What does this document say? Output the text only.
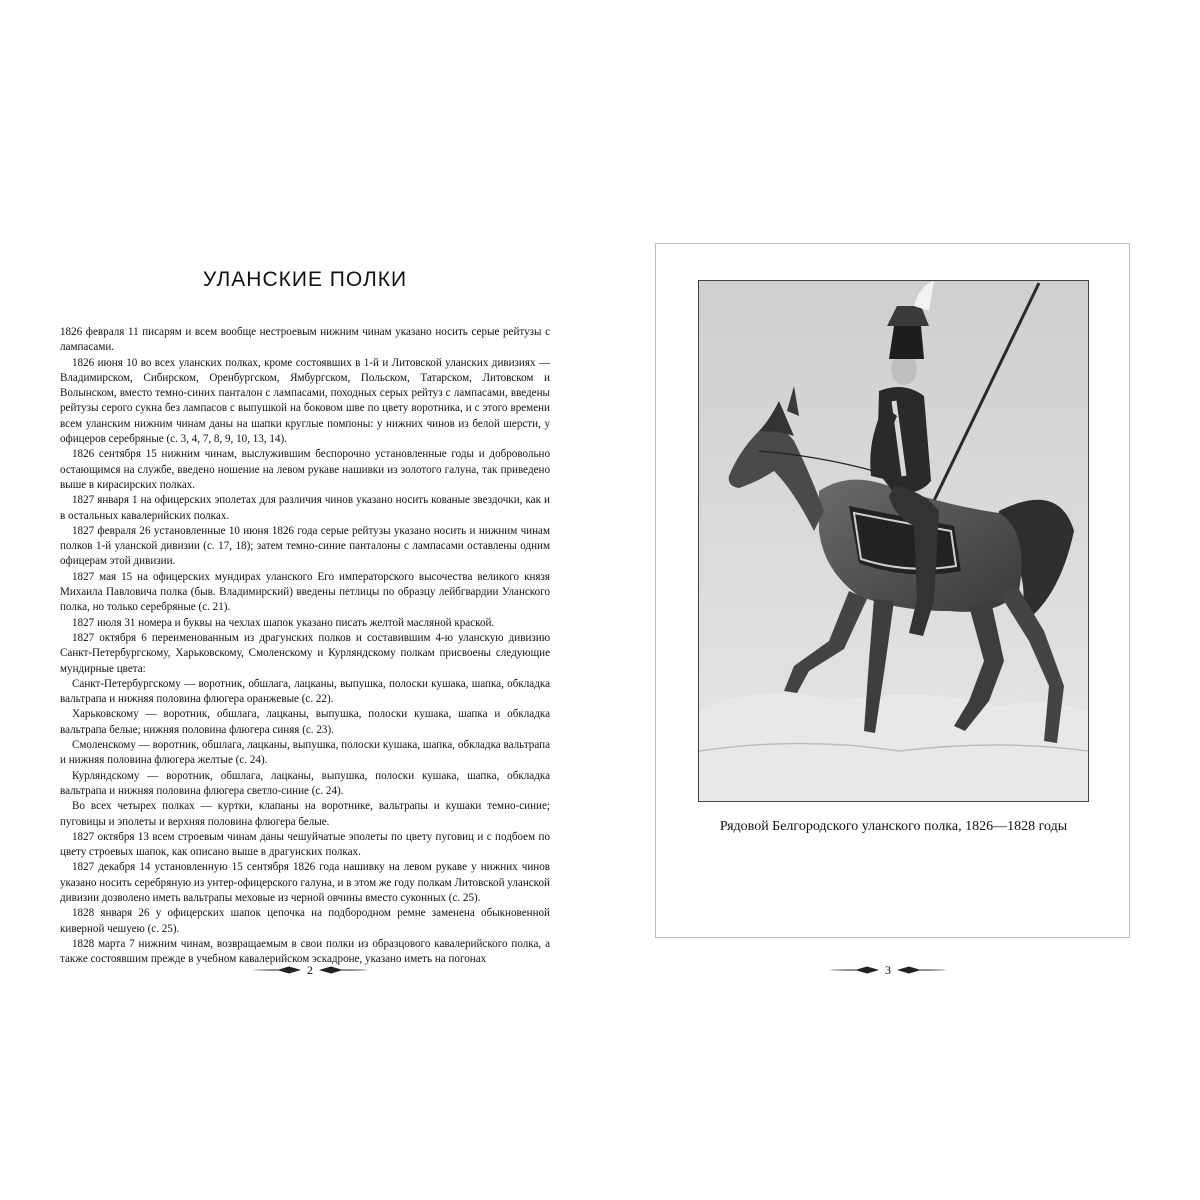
УЛАНСКИЕ ПОЛКИ

1826 февраля 11 писарям и всем вообще нестроевым нижним чинам указано носить серые рейтузы с лампасами.

1826 июня 10 во всех уланских полках, кроме состоявших в 1-й и Литовской уланских дивизиях — Владимирском, Сибирском, Оренбургском, Ямбургском, Польском, Татарском, Литовском и Волынском, вместо темно-синих панталон с лампасами, походных серых рейтуз с лампасами, введены рейтузы серого сукна без лампасов с выпушкой на боковом шве по цвету воротника, и с этого времени всем уланским нижним чинам даны на шапки круглые помпоны: у нижних чинов из белой шерсти, у офицеров серебряные (с. 3, 4, 7, 8, 9, 10, 13, 14).

1826 сентября 15 нижним чинам, выслужившим беспорочно установленные годы и добровольно остающимся на службе, введено ношение на левом рукаве нашивки из золотого галуна, так приведено выше в кирасирских полках.

1827 января 1 на офицерских эполетах для различия чинов указано носить кованые звездочки, как и в остальных кавалерийских полках.

1827 февраля 26 установленные 10 июня 1826 года серые рейтузы указано носить и нижним чинам полков 1-й уланской дивизии (с. 17, 18); затем темно-синие панталоны с лампасами оставлены одним офицерам этой дивизии.

1827 мая 15 на офицерских мундирах уланского Его императорского высочества великого князя Михаила Павловича полка (быв. Владимирский) введены петлицы по образцу лейбгвардии Уланского полка, но только серебряные (с. 21).

1827 июля 31 номера и буквы на чехлах шапок указано писать желтой масляной краской.

1827 октября 6 переименованным из драгунских полков и составившим 4-ю уланскую дивизию Санкт-Петербургскому, Харьковскому, Смоленскому и Курляндскому полкам присвоены следующие мундирные цвета:

Санкт-Петербургскому — воротник, обшлага, лацканы, выпушка, полоски кушака, шапка, обкладка вальтрапа и нижняя половина флюгера оранжевые (с. 22).

Харьковскому — воротник, обшлага, лацканы, выпушка, полоски кушака, шапка и обкладка вальтрапа белые; нижняя половина флюгера синяя (с. 23).

Смоленскому — воротник, обшлага, лацканы, выпушка, полоски кушака, шапка, обкладка вальтрапа и нижняя половина флюгера желтые (с. 24).

Курляндскому — воротник, обшлага, лацканы, выпушка, полоски кушака, шапка, обкладка вальтрапа и нижняя половина флюгера светло-синие (с. 24).

Во всех четырех полках — куртки, клапаны на воротнике, вальтрапы и кушаки темно-синие; пуговицы и эполеты и верхняя половина флюгера белые.

1827 октября 13 всем строевым чинам даны чешуйчатые эполеты по цвету пуговиц и с подбоем по цвету строевых шапок, как описано выше в драгунских полках.

1827 декабря 14 установленную 15 сентября 1826 года нашивку на левом рукаве у нижних чинов указано носить серебряную из унтер-офицерского галуна, и в этом же году полкам Литовской уланской дивизии дозволено иметь вальтрапы меховые из черной овчины вместо суконных (с. 25).

1828 января 26 у офицерских шапок цепочка на подбородном ремне заменена обыкновенной киверной чешуею (с. 25).

1828 марта 7 нижним чинам, возвращаемым в свои полки из образцового кавалерийского полка, а также состоявшим прежде в учебном кавалерийском эскадроне, указано иметь на погонах

2
Рядовой Белгородского уланского полка, 1826—1828 годы
3
